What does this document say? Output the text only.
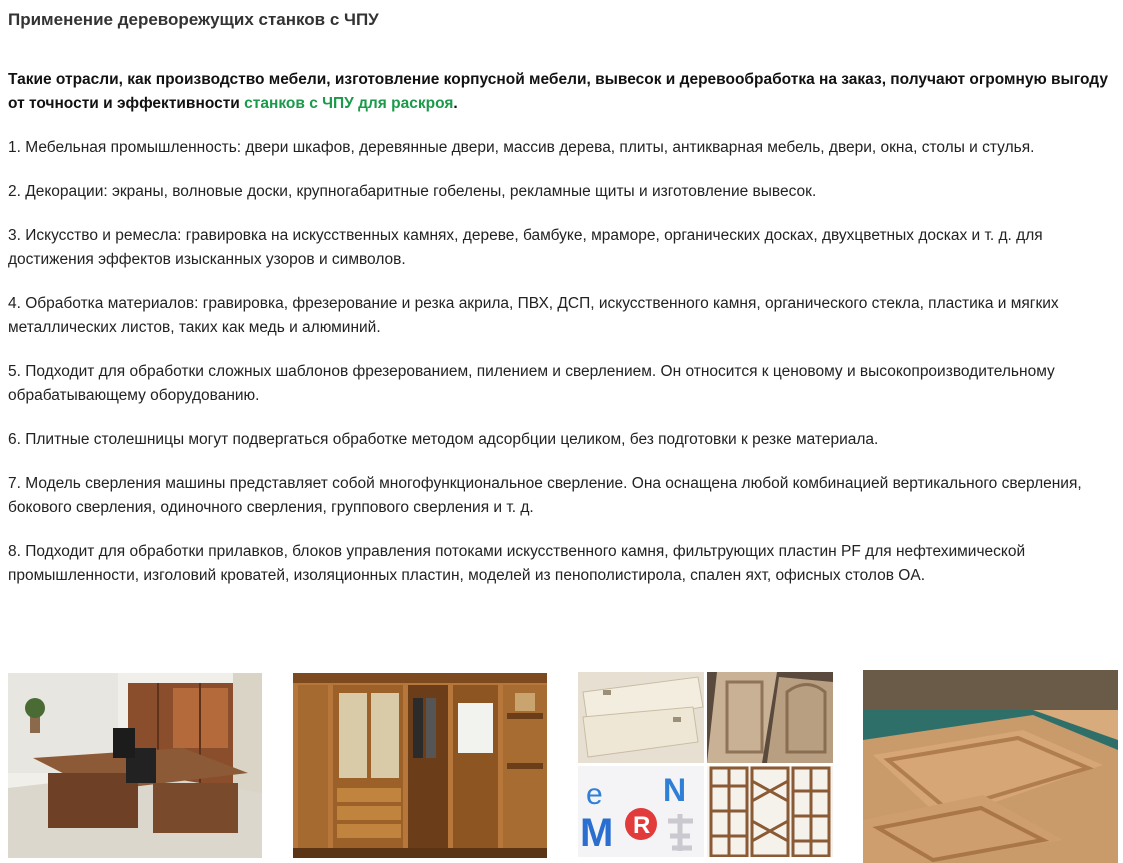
Применение дереворежущих станков с ЧПУ

Такие отрасли, как производство мебели, изготовление корпусной мебели, вывесок и деревообработка на заказ, получают огромную выгоду от точности и эффективности станков с ЧПУ для раскроя.

1. Мебельная промышленность: двери шкафов, деревянные двери, массив дерева, плиты, антикварная мебель, двери, окна, столы и стулья.

2. Декорации: экраны, волновые доски, крупногабаритные гобелены, рекламные щиты и изготовление вывесок.

3. Искусство и ремесла: гравировка на искусственных камнях, дереве, бамбуке, мраморе, органических досках, двухцветных досках и т. д. для достижения эффектов изысканных узоров и символов.

4. Обработка материалов: гравировка, фрезерование и резка акрила, ПВХ, ДСП, искусственного камня, органического стекла, пластика и мягких металлических листов, таких как медь и алюминий.

5. Подходит для обработки сложных шаблонов фрезерованием, пилением и сверлением. Он относится к ценовому и высокопроизводительному обрабатывающему оборудованию.

6. Плитные столешницы могут подвергаться обработке методом адсорбции целиком, без подготовки к резке материала.

7. Модель сверления машины представляет собой многофункциональное сверление. Она оснащена любой комбинацией вертикального сверления, бокового сверления, одиночного сверления, группового сверления и т. д.

8. Подходит для обработки прилавков, блоков управления потоками искусственного камня, фильтрующих пластин PF для нефтехимической промышленности, изголовий кроватей, изоляционных пластин, моделей из пенополистирола, спален яхт, офисных столов OA.

e
M R
N
